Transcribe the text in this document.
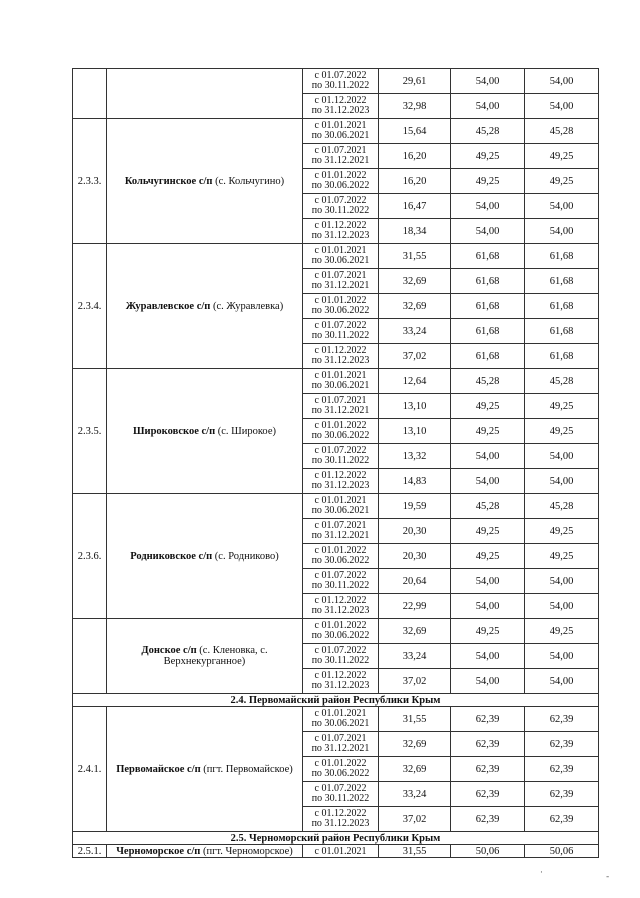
		с 01.07.2022
по 30.11.2022	29,61	54,00	54,00

		с 01.12.2022
по 31.12.2023	32,98	54,00	54,00
2.3.3.	Кольчугинское с/п (с. Кольчугино)	с 01.01.2021
по 30.06.2021	15,64	45,28	45,28

		с 01.07.2021
по 31.12.2021	16,20	49,25	49,25

		с 01.01.2022
по 30.06.2022	16,20	49,25	49,25

		с 01.07.2022
по 30.11.2022	16,47	54,00	54,00

		с 01.12.2022
по 31.12.2023	18,34	54,00	54,00
2.3.4.	Журавлевское с/п (с. Журавлевка)	с 01.01.2021
по 30.06.2021	31,55	61,68	61,68

		с 01.07.2021
по 31.12.2021	32,69	61,68	61,68

		с 01.01.2022
по 30.06.2022	32,69	61,68	61,68

		с 01.07.2022
по 30.11.2022	33,24	61,68	61,68

		с 01.12.2022
по 31.12.2023	37,02	61,68	61,68
2.3.5.	Широковское с/п (с. Широкое)	с 01.01.2021
по 30.06.2021	12,64	45,28	45,28

		с 01.07.2021
по 31.12.2021	13,10	49,25	49,25

		с 01.01.2022
по 30.06.2022	13,10	49,25	49,25

		с 01.07.2022
по 30.11.2022	13,32	54,00	54,00

		с 01.12.2022
по 31.12.2023	14,83	54,00	54,00
2.3.6.	Родниковское с/п (с. Родниково)	с 01.01.2021
по 30.06.2021	19,59	45,28	45,28

		с 01.07.2021
по 31.12.2021	20,30	49,25	49,25

		с 01.01.2022
по 30.06.2022	20,30	49,25	49,25

		с 01.07.2022
по 30.11.2022	20,64	54,00	54,00

		с 01.12.2022
по 31.12.2023	22,99	54,00	54,00
	Донское с/п (с. Кленовка, с. Верхнекурганное)	с 01.01.2022
по 30.06.2022	32,69	49,25	49,25

		с 01.07.2022
по 30.11.2022	33,24	54,00	54,00

		с 01.12.2022
по 31.12.2023	37,02	54,00	54,00
2.4. Первомайский район Республики Крым					
2.4.1.	Первомайское с/п (пгт. Первомайское)	с 01.01.2021
по 30.06.2021	31,55	62,39	62,39

		с 01.07.2021
по 31.12.2021	32,69	62,39	62,39

		с 01.01.2022
по 30.06.2022	32,69	62,39	62,39

		с 01.07.2022
по 30.11.2022	33,24	62,39	62,39

		с 01.12.2022
по 31.12.2023	37,02	62,39	62,39
2.5. Черноморский район Республики Крым					
2.5.1.	Черноморское с/п (пгт. Черноморское)	с 01.01.2021	31,55	50,06	50,06
·	-
